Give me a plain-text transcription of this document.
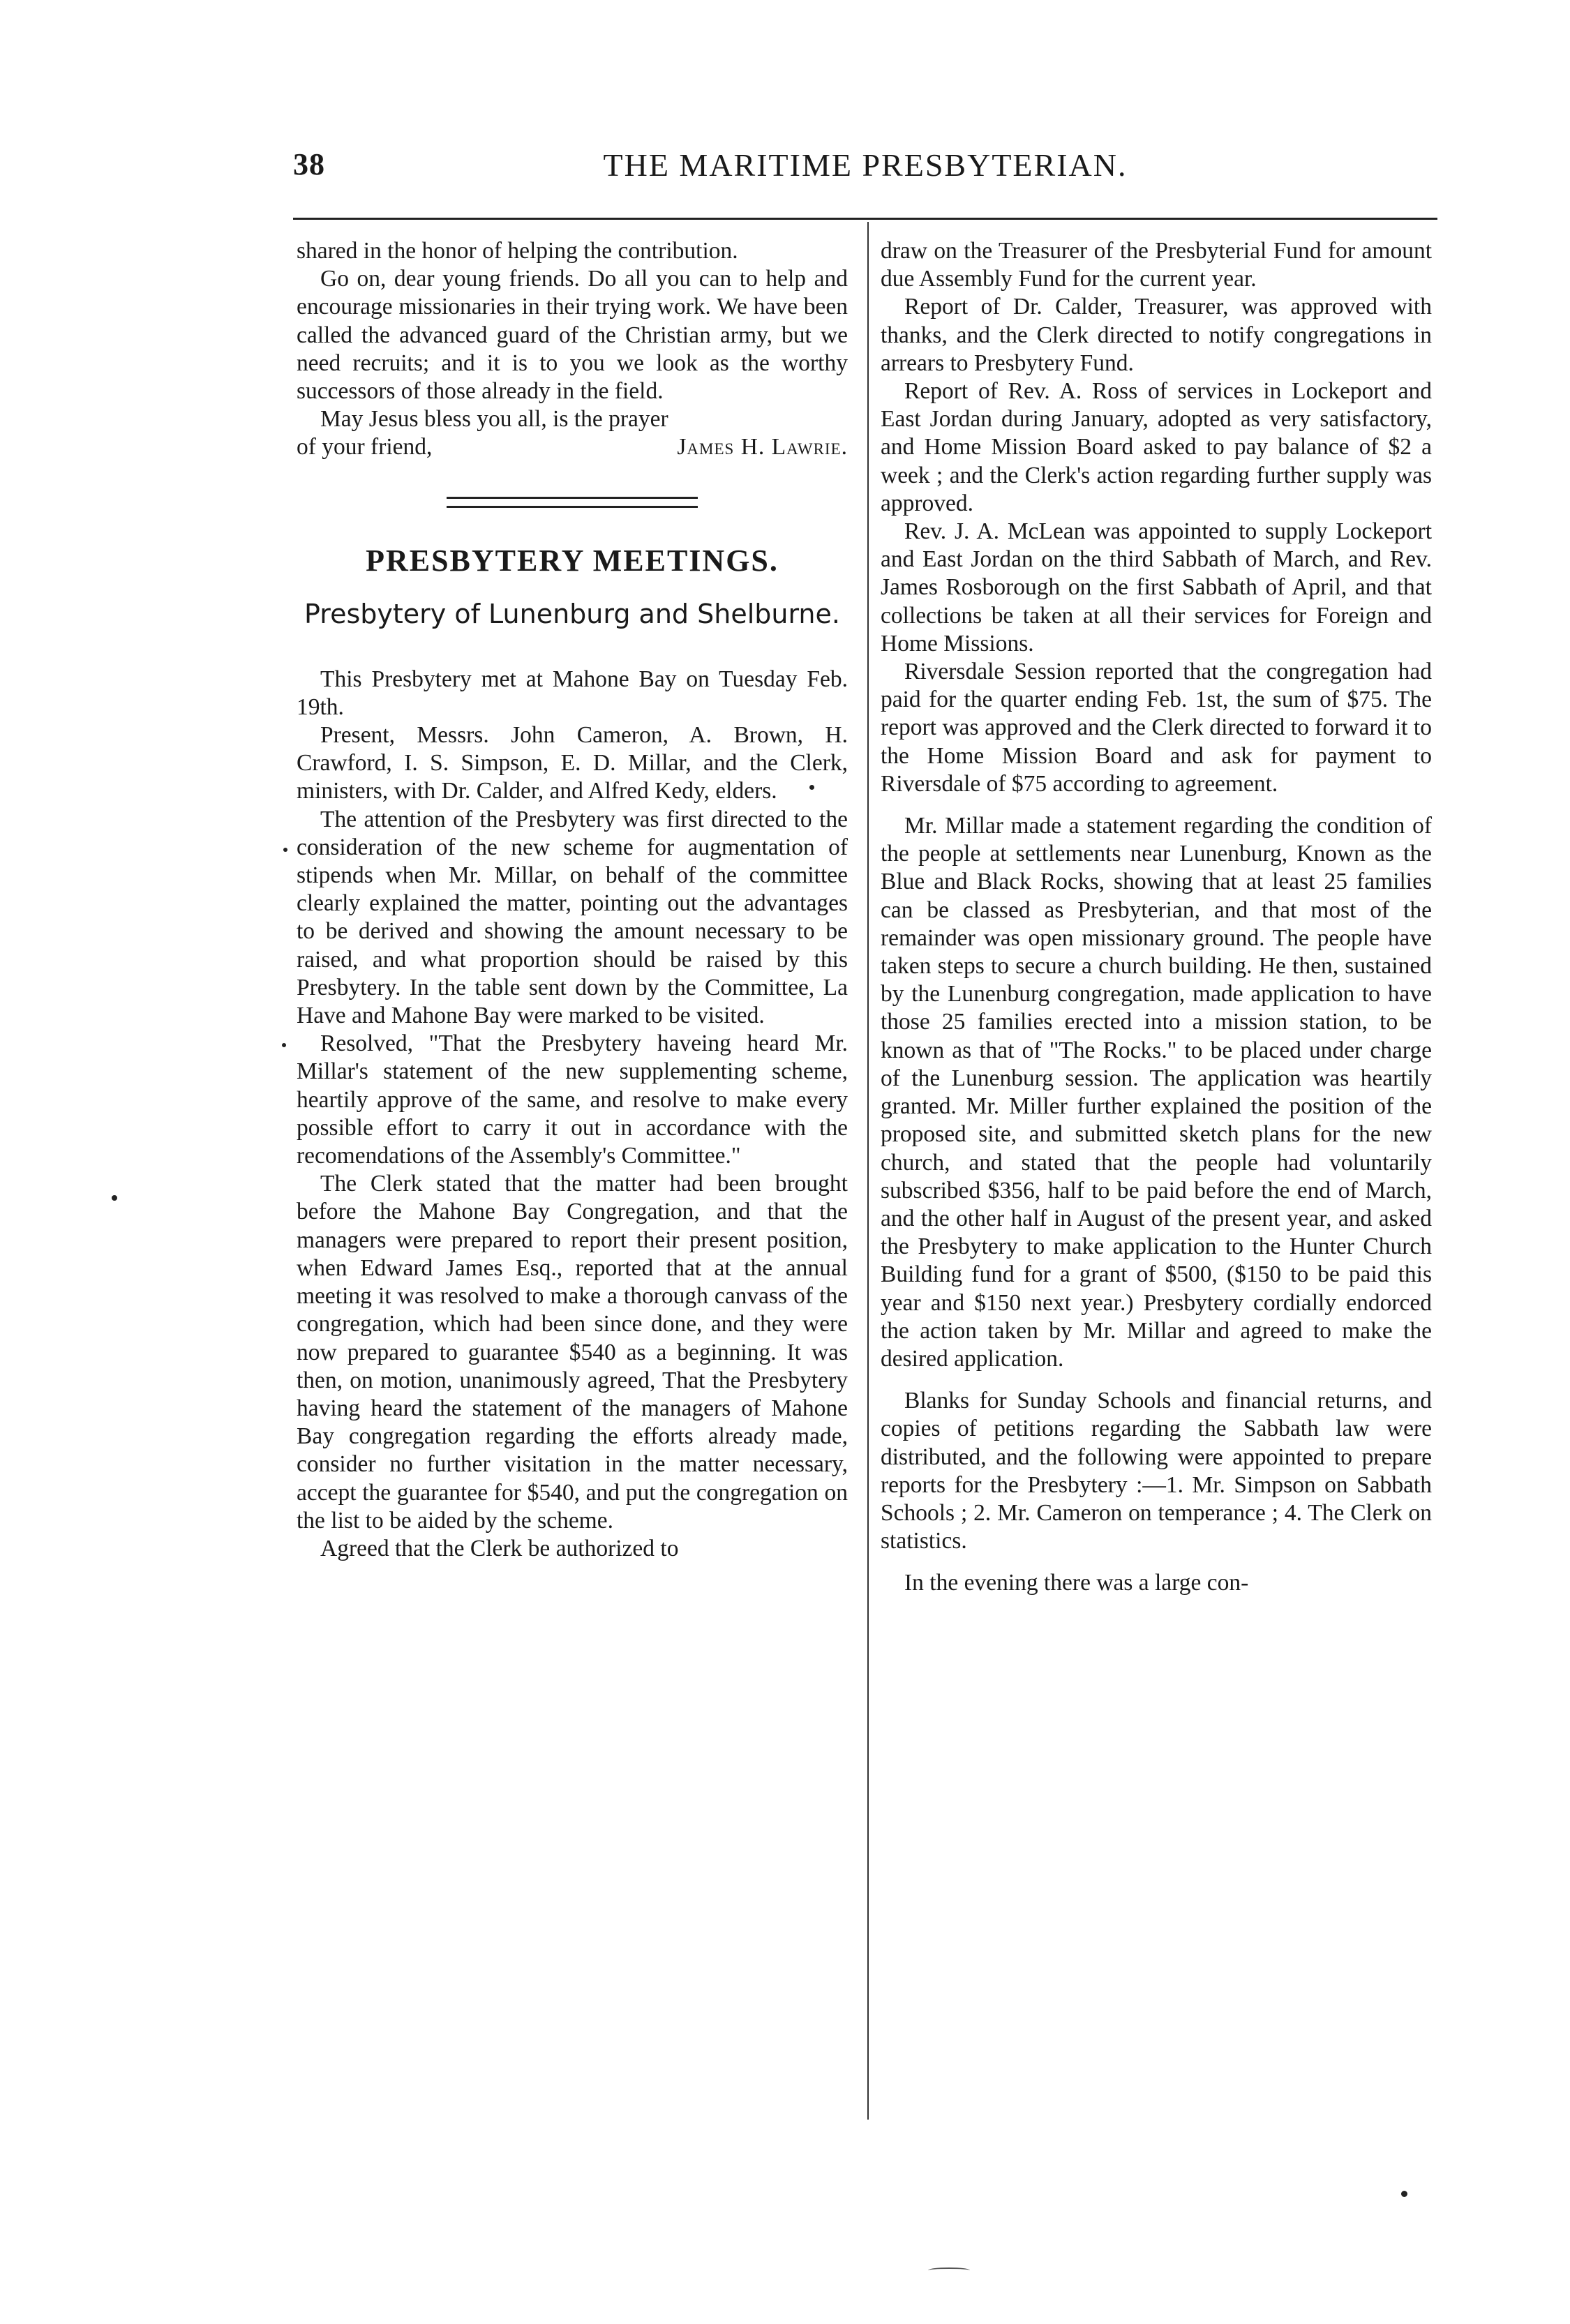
38	THE MARITIME PRESBYTERIAN.

shared in the honor of helping the contribution.

Go on, dear young friends. Do all you can to help and encourage missionaries in their trying work. We have been called the advanced guard of the Christian army, but we need recruits; and it is to you we look as the worthy successors of those already in the field.

May Jesus bless you all, is the prayer

of your friend,	James H. Lawrie.
PRESBYTERY MEETINGS.
Presbytery of Lunenburg and Shelburne.

This Presbytery met at Mahone Bay on Tuesday Feb. 19th.

Present, Messrs. John Cameron, A. Brown, H. Crawford, I. S. Simpson, E. D. Millar, and the Clerk, ministers, with Dr. Calder, and Alfred Kedy, elders.

The attention of the Presbytery was first directed to the consideration of the new scheme for augmentation of stipends when Mr. Millar, on behalf of the committee clearly explained the matter, pointing out the advantages to be derived and showing the amount necessary to be raised, and what proportion should be raised by this Presbytery. In the table sent down by the Committee, La Have and Mahone Bay were marked to be visited.

Resolved, "That the Presbytery haveing heard Mr. Millar's statement of the new supplementing scheme, heartily approve of the same, and resolve to make every possible effort to carry it out in accordance with the recomendations of the Assembly's Committee."

The Clerk stated that the matter had been brought before the Mahone Bay Congregation, and that the managers were prepared to report their present position, when Edward James Esq., reported that at the annual meeting it was resolved to make a thorough canvass of the congregation, which had been since done, and they were now prepared to guarantee $540 as a beginning. It was then, on motion, unanimously agreed, That the Presbytery having heard the statement of the managers of Mahone Bay congregation regarding the efforts already made, consider no further visitation in the matter necessary, accept the guarantee for $540, and put the congregation on the list to be aided by the scheme.

Agreed that the Clerk be authorized to

draw on the Treasurer of the Presbyterial Fund for amount due Assembly Fund for the current year.

Report of Dr. Calder, Treasurer, was approved with thanks, and the Clerk directed to notify congregations in arrears to Presbytery Fund.

Report of Rev. A. Ross of services in Lockeport and East Jordan during January, adopted as very satisfactory, and Home Mission Board asked to pay balance of $2 a week ; and the Clerk's action regarding further supply was approved.

Rev. J. A. McLean was appointed to supply Lockeport and East Jordan on the third Sabbath of March, and Rev. James Rosborough on the first Sabbath of April, and that collections be taken at all their services for Foreign and Home Missions.

Riversdale Session reported that the congregation had paid for the quarter ending Feb. 1st, the sum of $75. The report was approved and the Clerk directed to forward it to the Home Mission Board and ask for payment to Riversdale of $75 according to agreement.

Mr. Millar made a statement regarding the condition of the people at settlements near Lunenburg, Known as the Blue and Black Rocks, showing that at least 25 families can be classed as Presbyterian, and that most of the remainder was open missionary ground. The people have taken steps to secure a church building. He then, sustained by the Lunenburg congregation, made application to have those 25 families erected into a mission station, to be known as that of "The Rocks." to be placed under charge of the Lunenburg session. The application was heartily granted. Mr. Miller further explained the position of the proposed site, and submitted sketch plans for the new church, and stated that the people had voluntarily subscribed $356, half to be paid before the end of March, and the other half in August of the present year, and asked the Presbytery to make application to the Hunter Church Building fund for a grant of $500, ($150 to be paid this year and $150 next year.) Presbytery cordially endorced the action taken by Mr. Millar and agreed to make the desired application.

Blanks for Sunday Schools and financial returns, and copies of petitions regarding the Sabbath law were distributed, and the following were appointed to prepare reports for the Presbytery :—1. Mr. Simpson on Sabbath Schools ; 2. Mr. Cameron on temperance ; 4. The Clerk on statistics.

In the evening there was a large con-
